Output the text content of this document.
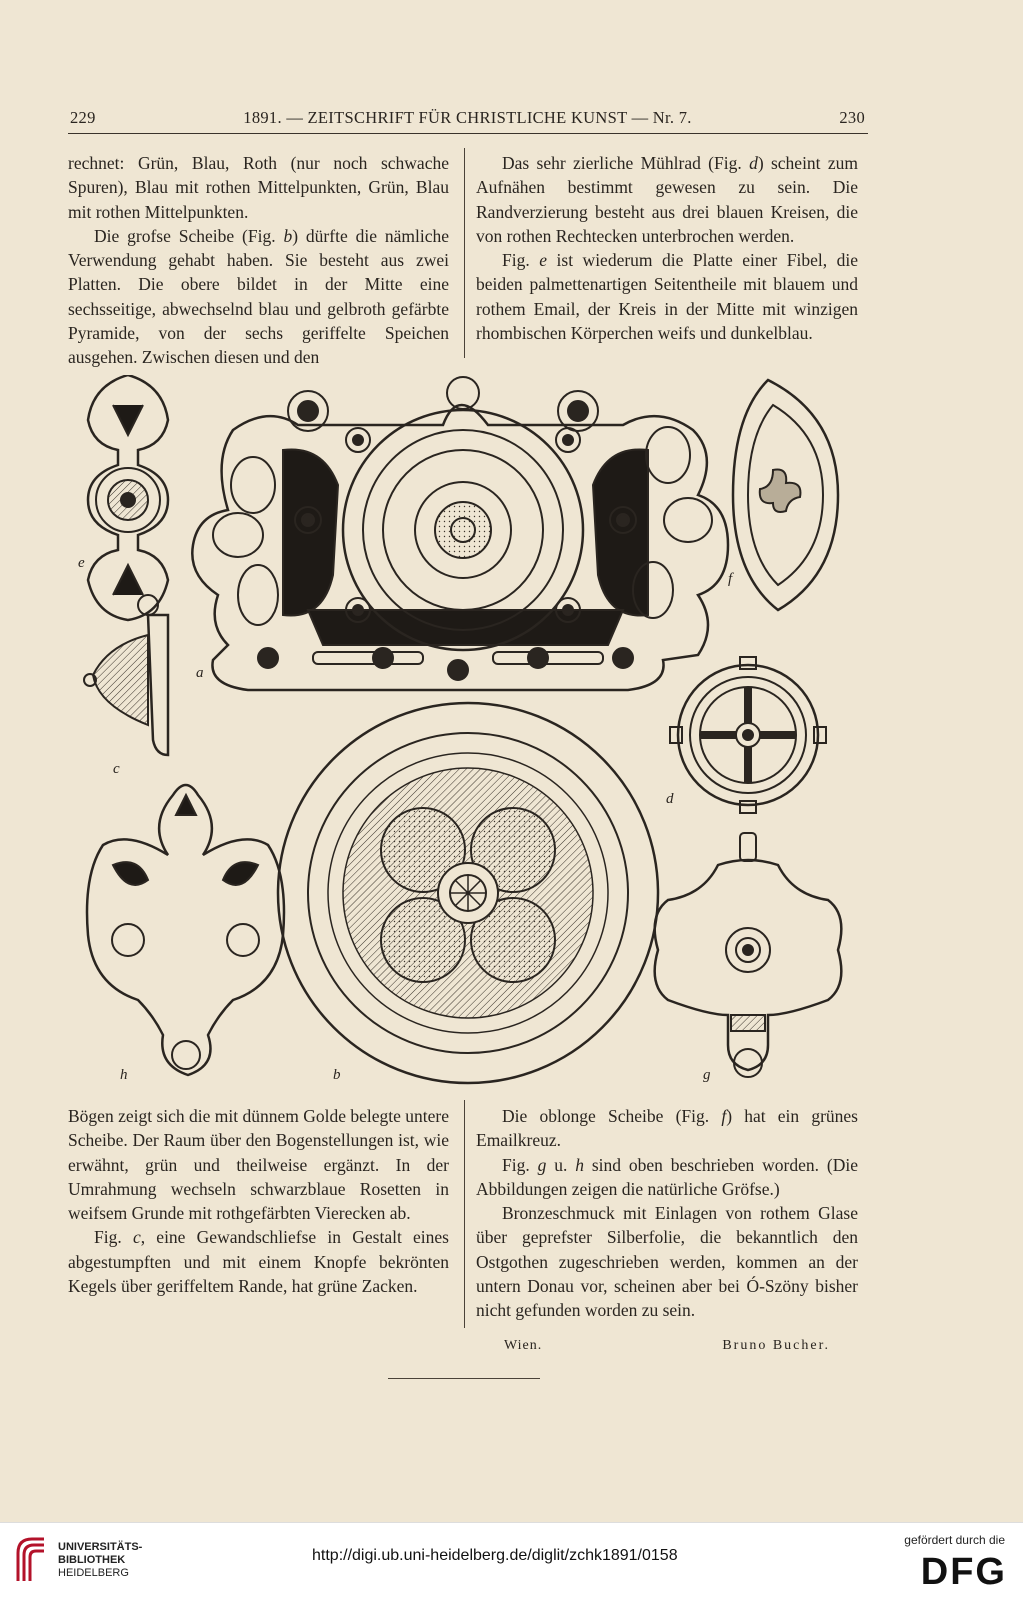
229	1891. — ZEITSCHRIFT FÜR CHRISTLICHE KUNST — Nr. 7.	230

rechnet: Grün, Blau, Roth (nur noch schwache Spuren), Blau mit rothen Mittelpunkten, Grün, Blau mit rothen Mittelpunkten.

Die grofse Scheibe (Fig. b) dürfte die nämliche Verwendung gehabt haben. Sie besteht aus zwei Platten. Die obere bildet in der Mitte eine sechsseitige, abwechselnd blau und gelbroth gefärbte Pyramide, von der sechs geriffelte Speichen ausgehen. Zwischen diesen und den

Das sehr zierliche Mühlrad (Fig. d) scheint zum Aufnähen bestimmt gewesen zu sein. Die Randverzierung besteht aus drei blauen Kreisen, die von rothen Rechtecken unterbrochen werden.

Fig. e ist wiederum die Platte einer Fibel, die beiden palmettenartigen Seitentheile mit blauem und rothem Email, der Kreis in der Mitte mit winzigen rhombischen Körperchen weifs und dunkelblau.

e
a
f
c
d
h	b	g

Bögen zeigt sich die mit dünnem Golde belegte untere Scheibe. Der Raum über den Bogenstellungen ist, wie erwähnt, grün und theilweise ergänzt. In der Umrahmung wechseln schwarzblaue Rosetten in weifsem Grunde mit rothgefärbten Vierecken ab.

Fig. c, eine Gewandschliefse in Gestalt eines abgestumpften und mit einem Knopfe bekrönten Kegels über geriffeltem Rande, hat grüne Zacken.

Die oblonge Scheibe (Fig. f) hat ein grünes Emailkreuz.

Fig. g u. h sind oben beschrieben worden. (Die Abbildungen zeigen die natürliche Gröfse.)

Bronzeschmuck mit Einlagen von rothem Glase über geprefster Silberfolie, die bekanntlich den Ostgothen zugeschrieben werden, kommen an der untern Donau vor, scheinen aber bei Ó-Szöny bisher nicht gefunden worden zu sein.

Wien.	Bruno Bucher.
UNIVERSITÄTS-
BIBLIOTHEK
HEIDELBERG
http://digi.ub.uni-heidelberg.de/diglit/zchk1891/0158
gefördert durch die
DFG
